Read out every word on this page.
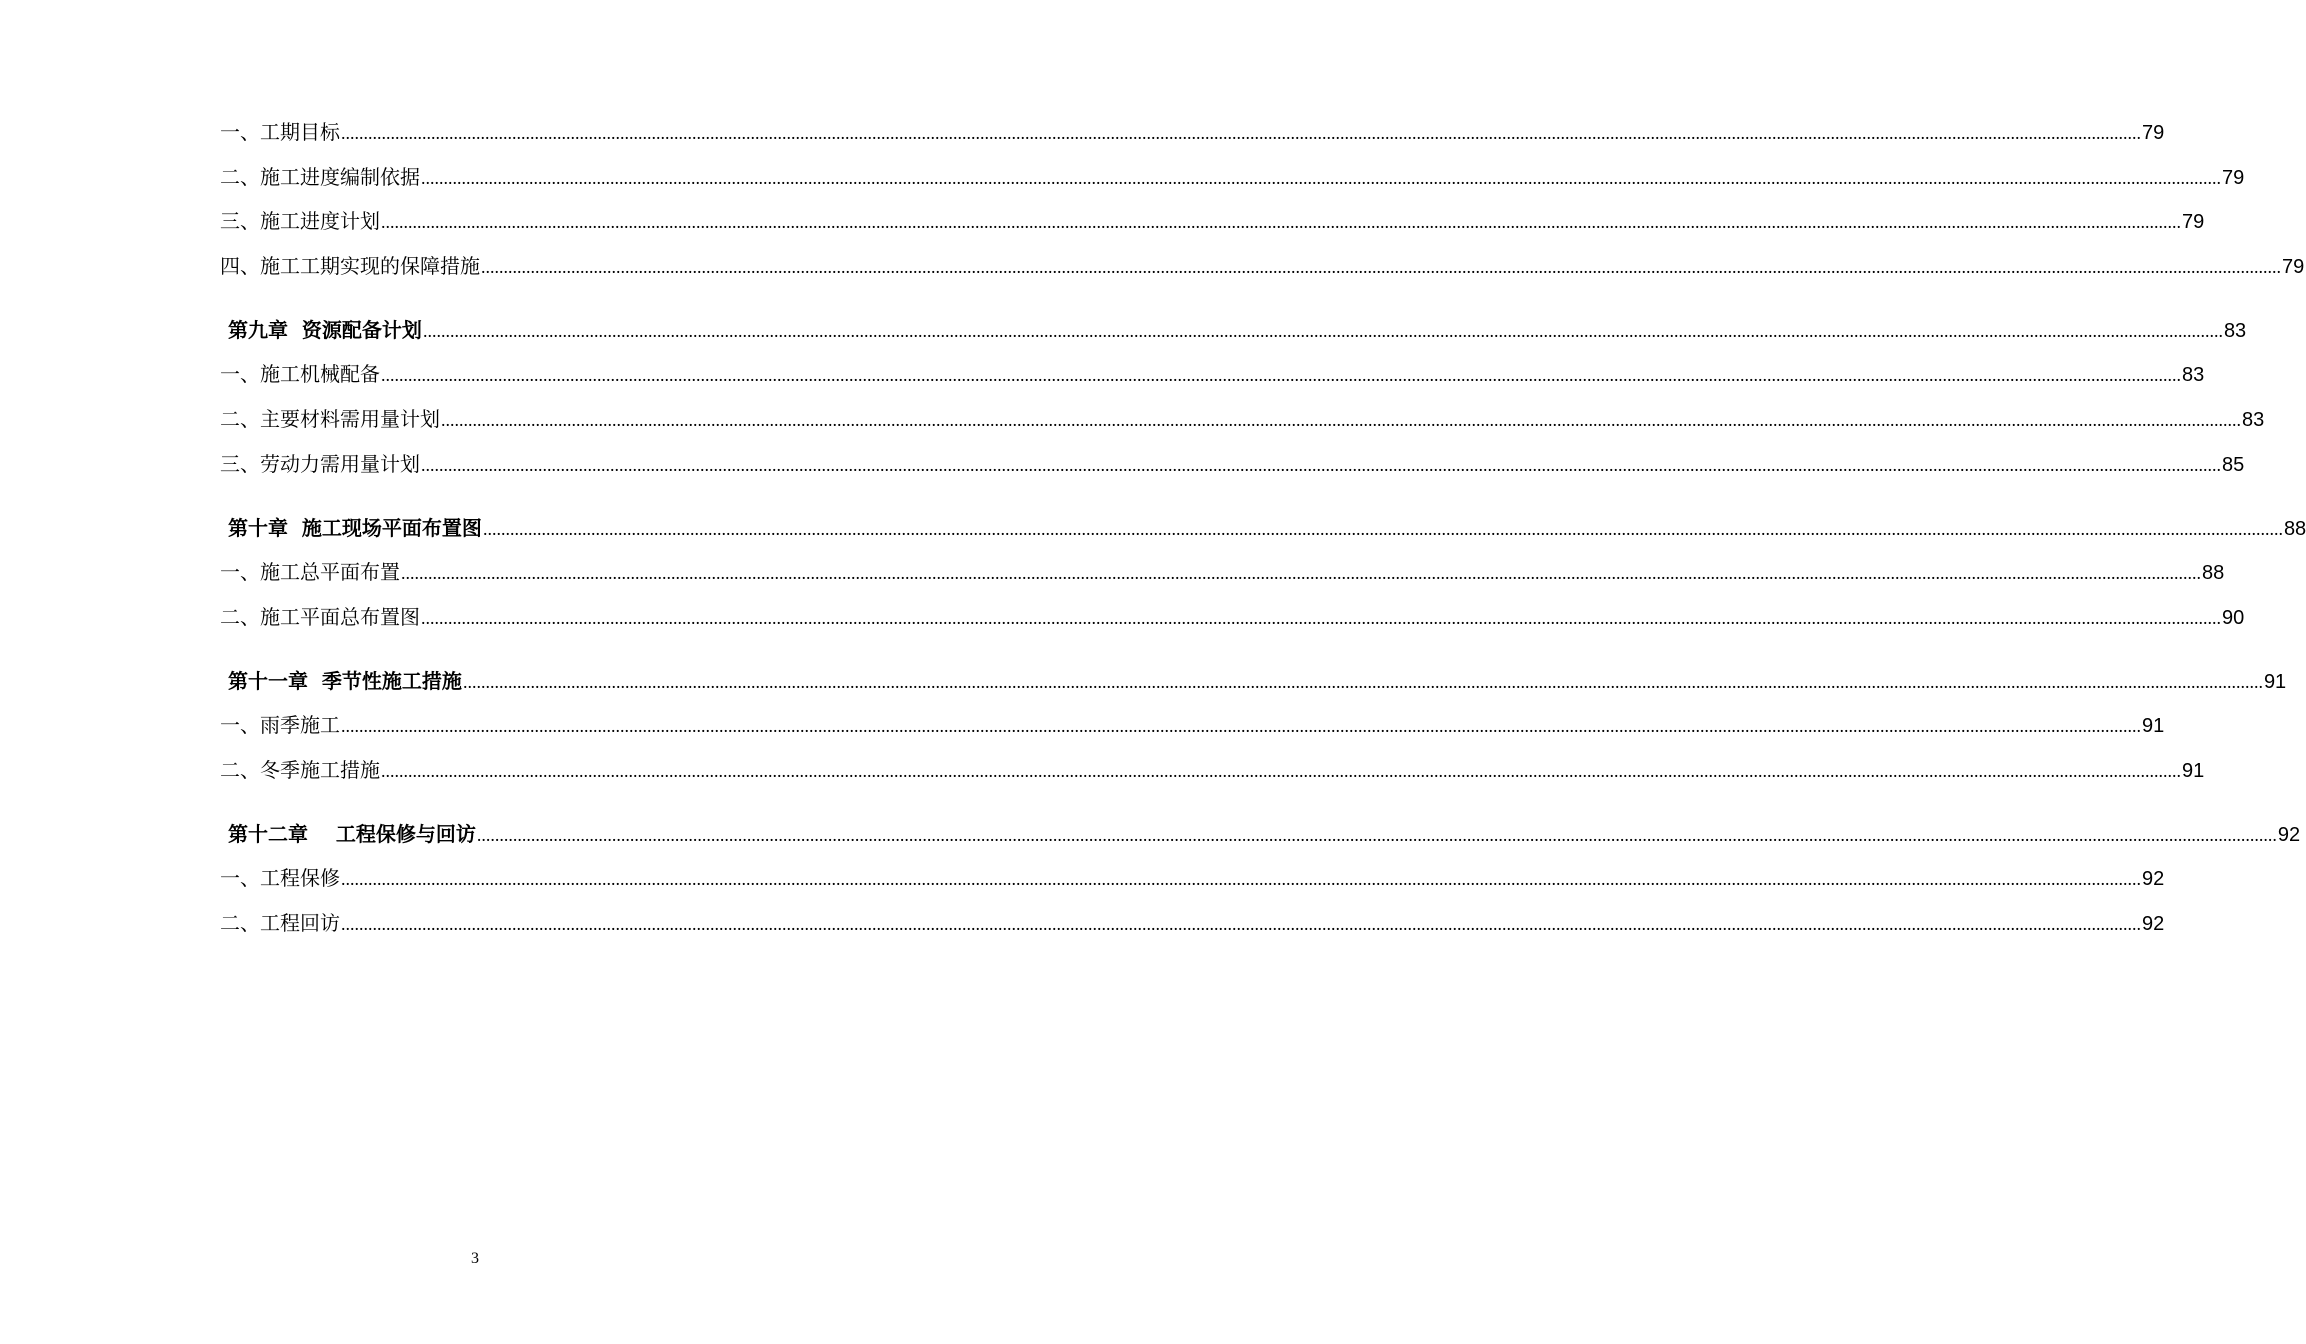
一、工期目标 ................................................................................................................................................................................................................................................................................................................................................................................................................ 79
二、施工进度编制依据 ................................................................................................................................................................................................................................................................................................................................................................................................................ 79
三、施工进度计划 ................................................................................................................................................................................................................................................................................................................................................................................................................ 79
四、施工工期实现的保障措施 ................................................................................................................................................................................................................................................................................................................................................................................................................ 79
第九章  资源配备计划 ................................................................................................................................................................................................................................................................................................................................................................................................................ 83
一、施工机械配备 ................................................................................................................................................................................................................................................................................................................................................................................................................ 83
二、主要材料需用量计划 ................................................................................................................................................................................................................................................................................................................................................................................................................ 83
三、劳动力需用量计划 ................................................................................................................................................................................................................................................................................................................................................................................................................ 85
第十章  施工现场平面布置图 ................................................................................................................................................................................................................................................................................................................................................................................................................ 88
一、施工总平面布置 ................................................................................................................................................................................................................................................................................................................................................................................................................ 88
二、施工平面总布置图 ................................................................................................................................................................................................................................................................................................................................................................................................................ 90
第十一章  季节性施工措施 ................................................................................................................................................................................................................................................................................................................................................................................................................ 91
一、雨季施工 ................................................................................................................................................................................................................................................................................................................................................................................................................ 91
二、冬季施工措施 ................................................................................................................................................................................................................................................................................................................................................................................................................ 91
第十二章    工程保修与回访 ................................................................................................................................................................................................................................................................................................................................................................................................................ 92
一、工程保修 ................................................................................................................................................................................................................................................................................................................................................................................................................ 92
二、工程回访 ................................................................................................................................................................................................................................................................................................................................................................................................................ 92
3
